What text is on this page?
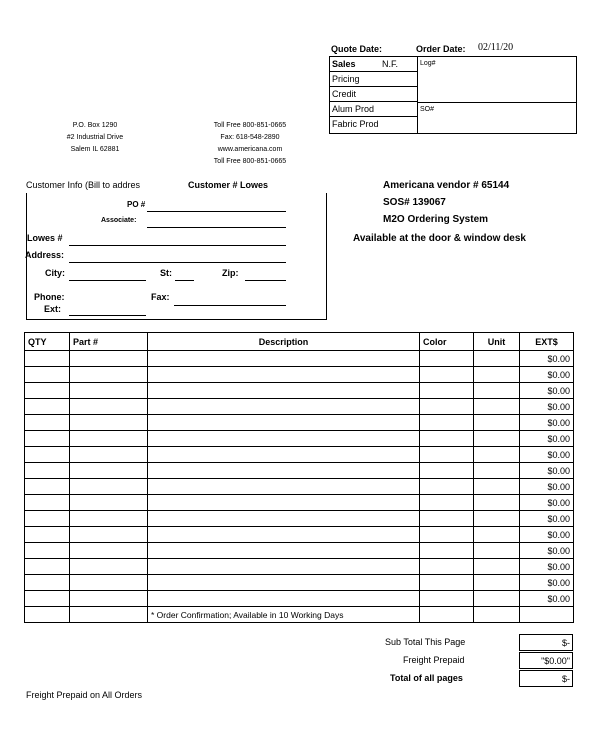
Quote Date:	Order Date: 02/11/20
Sales	N.F.
Pricing
Credit
Alum Prod
Fabric Prod
Log#
SO#
P.O. Box 1290
#2 Industrial Drive
Salem IL 62881
Toll Free 800-851-0665
Fax: 618-548-2890
www.americana.com
Toll Free 800-851-0665
Customer Info (Bill to addres	Customer # Lowes
PO #
Associate:
Lowes #
Address:
City:	St:	Zip:
Phone:	Fax:
Ext:
Americana vendor # 65144
SOS# 139067
M2O Ordering System
Available at the door & window desk
QTY	Part #	Description	Color	Unit	EXT$
					$0.00
					$0.00
					$0.00
					$0.00
					$0.00
					$0.00
					$0.00
					$0.00
					$0.00
					$0.00
					$0.00
					$0.00
					$0.00
					$0.00
					$0.00
					$0.00
		* Order Confirmation; Available in 10 Working Days			
Sub Total This Page	$-
Freight Prepaid	"$0.00"
Total of all pages	$-
Freight Prepaid on All Orders
